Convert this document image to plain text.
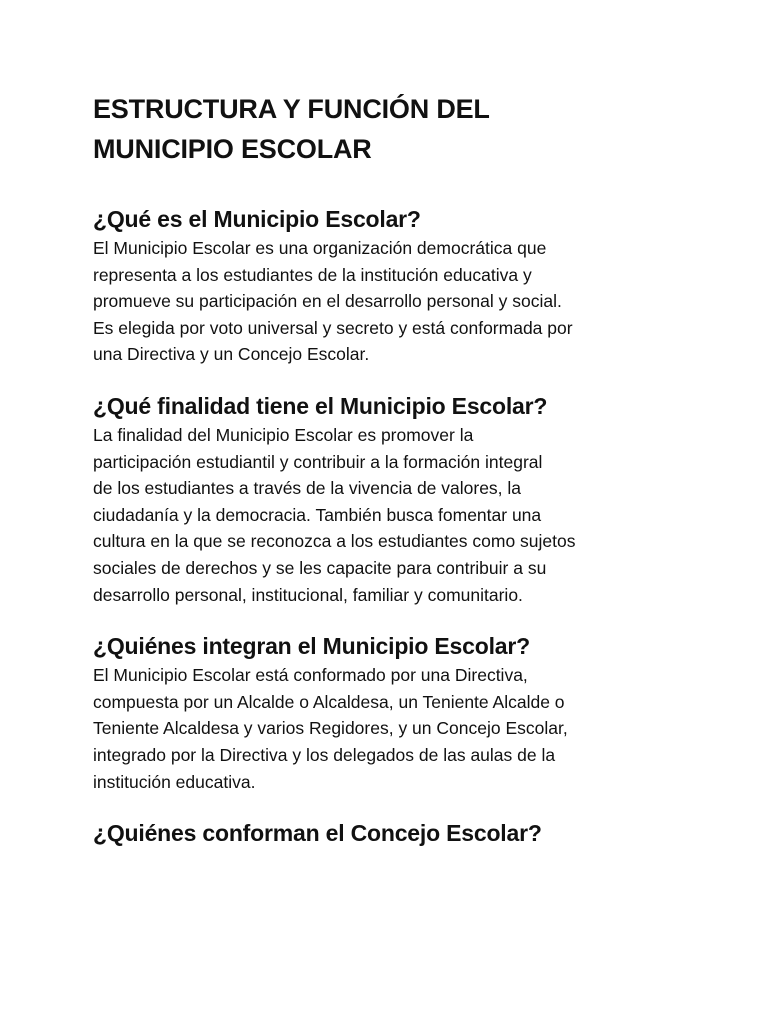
ESTRUCTURA Y FUNCIÓN DEL
MUNICIPIO ESCOLAR
¿Qué es el Municipio Escolar?

El Municipio Escolar es una organización democrática que
representa a los estudiantes de la institución educativa y
promueve su participación en el desarrollo personal y social.
Es elegida por voto universal y secreto y está conformada por
una Directiva y un Concejo Escolar.

¿Qué finalidad tiene el Municipio Escolar?

La finalidad del Municipio Escolar es promover la
participación estudiantil y contribuir a la formación integral
de los estudiantes a través de la vivencia de valores, la
ciudadanía y la democracia. También busca fomentar una
cultura en la que se reconozca a los estudiantes como sujetos
sociales de derechos y se les capacite para contribuir a su
desarrollo personal, institucional, familiar y comunitario.

¿Quiénes integran el Municipio Escolar?

El Municipio Escolar está conformado por una Directiva,
compuesta por un Alcalde o Alcaldesa, un Teniente Alcalde o
Teniente Alcaldesa y varios Regidores, y un Concejo Escolar,
integrado por la Directiva y los delegados de las aulas de la
institución educativa.

¿Quiénes conforman el Concejo Escolar?
